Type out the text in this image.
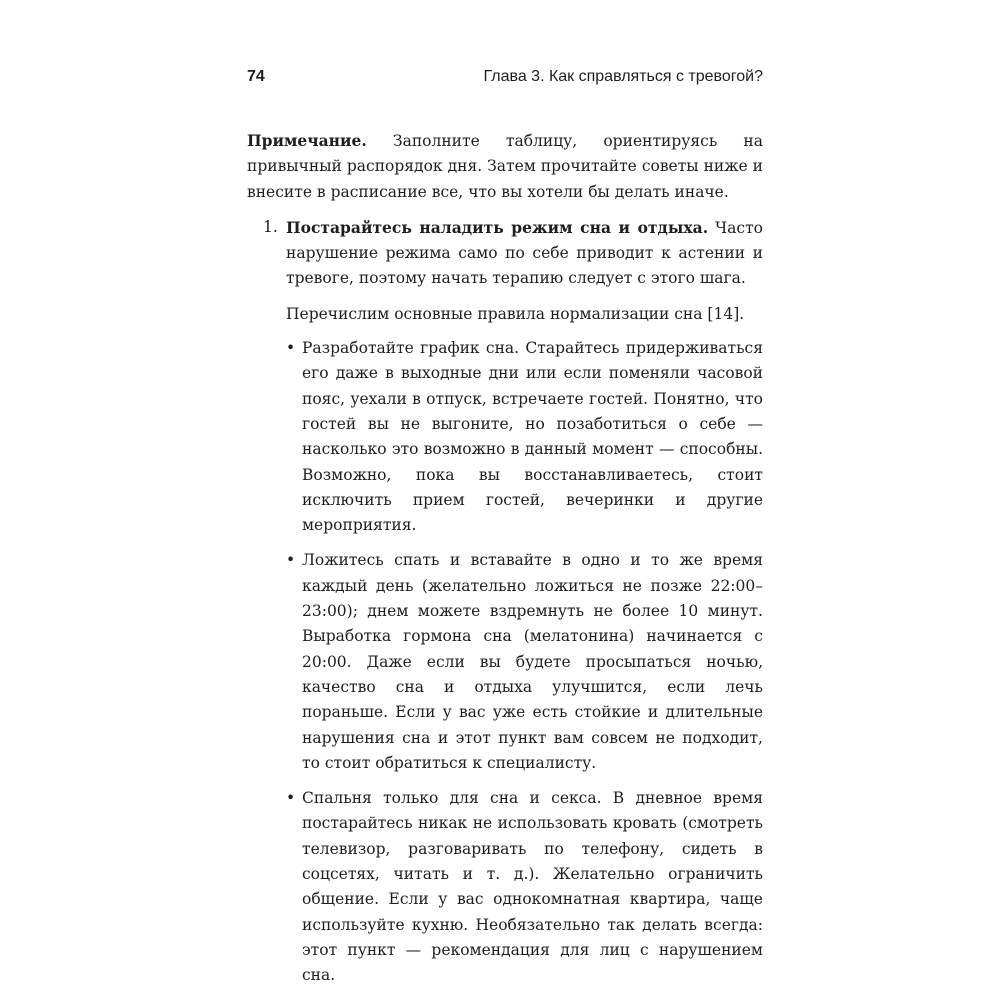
74	Глава 3. Как справляться с тревогой?

Примечание. Заполните таблицу, ориентируясь на привычный распорядок дня. Затем прочитайте советы ниже и внесите в расписание все, что вы хотели бы делать иначе.

1. Постарайтесь наладить режим сна и отдыха. Часто нарушение режима само по себе приводит к астении и тревоге, поэтому начать терапию следует с этого шага.

Перечислим основные правила нормализации сна [14].

• Разработайте график сна. Старайтесь придерживаться его даже в выходные дни или если поменяли часовой пояс, уехали в отпуск, встречаете гостей. Понятно, что гостей вы не выгоните, но позаботиться о себе — насколько это возможно в данный момент — способны. Возможно, пока вы восстанавливаетесь, стоит исключить прием гостей, вечеринки и другие мероприятия.
• Ложитесь спать и вставайте в одно и то же время каждый день (желательно ложиться не позже 22:00–23:00); днем можете вздремнуть не более 10 минут. Выработка гормона сна (мелатонина) начинается с 20:00. Даже если вы будете просыпаться ночью, качество сна и отдыха улучшится, если лечь пораньше. Если у вас уже есть стойкие и длительные нарушения сна и этот пункт вам совсем не подходит, то стоит обратиться к специалисту.
• Спальня только для сна и секса. В дневное время постарайтесь никак не использовать кровать (смотреть телевизор, разговаривать по телефону, сидеть в соцсетях, читать и т. д.). Желательно ограничить общение. Если у вас однокомнатная квартира, чаще используйте кухню. Необязательно так делать всегда: этот пункт — рекомендация для лиц с нарушением сна.
